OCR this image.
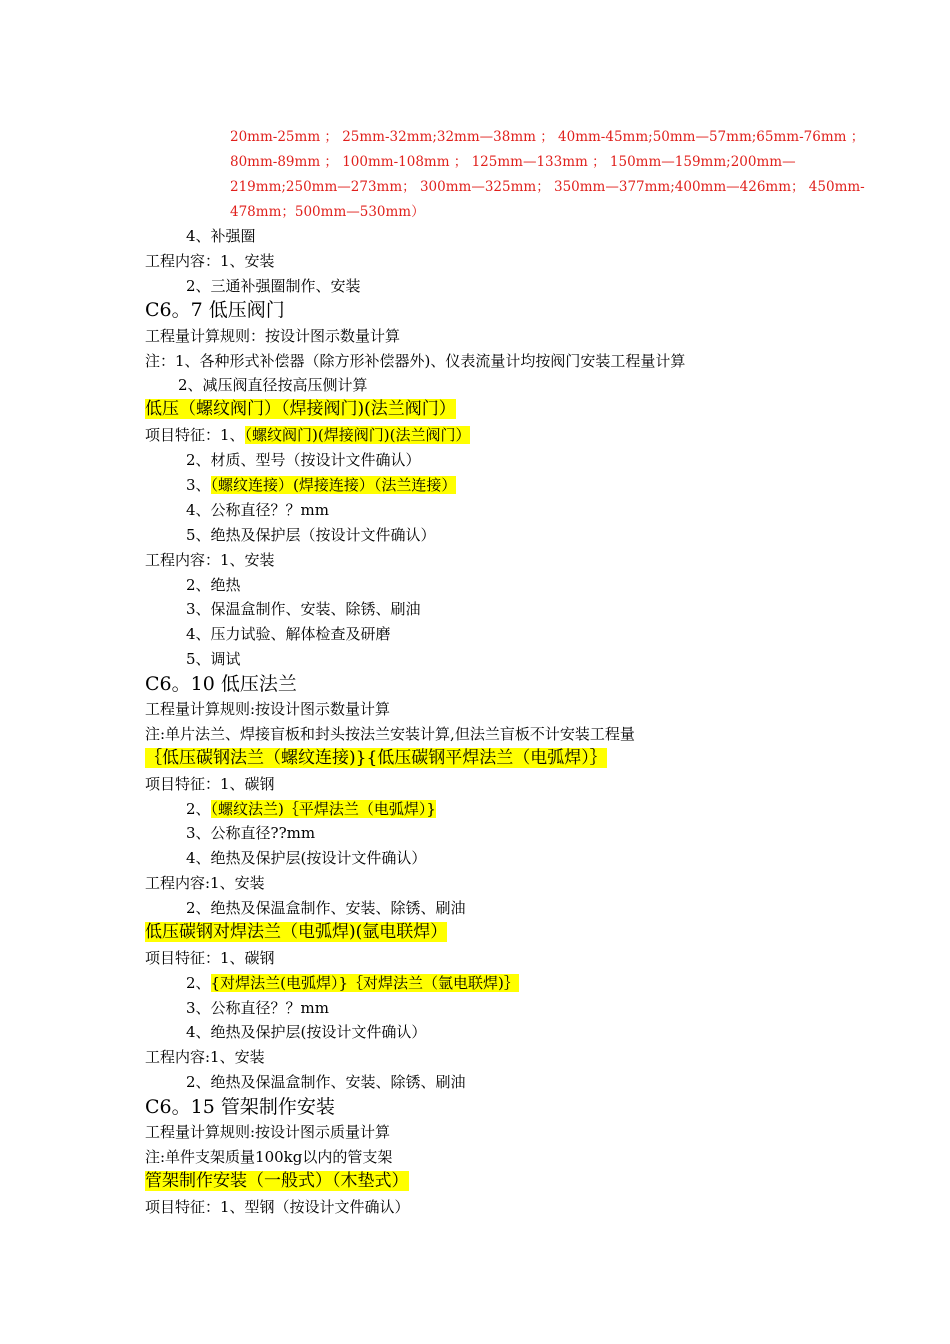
20mm-25mm ； 25mm-32mm;32mm—38mm ； 40mm-45mm;50mm—57mm;65mm-76mm ；
80mm-89mm ； 100mm-108mm ； 125mm—133mm ； 150mm—159mm;200mm—
219mm;250mm—273mm； 300mm—325mm； 350mm—377mm;400mm—426mm； 450mm-
478mm；500mm—530mm）
4、补强圈
工程内容：1、安装
2、三通补强圈制作、安装
C6。7 低压阀门
工程量计算规则：按设计图示数量计算
注：1、各种形式补偿器（除方形补偿器外)、仪表流量计均按阀门安装工程量计算
2、减压阀直径按高压侧计算
低压（螺纹阀门）（焊接阀门)(法兰阀门）
项目特征：1、（螺纹阀门)(焊接阀门)(法兰阀门）
2、材质、型号（按设计文件确认）
3、（螺纹连接）(焊接连接）（法兰连接）
4、公称直径？？mm
5、绝热及保护层（按设计文件确认）
工程内容：1、安装
2、绝热
3、保温盒制作、安装、除锈、刷油
4、压力试验、解体检查及研磨
5、调试
C6。10 低压法兰
工程量计算规则:按设计图示数量计算
注:单片法兰、焊接盲板和封头按法兰安装计算,但法兰盲板不计安装工程量
｛低压碳钢法兰（螺纹连接)}{低压碳钢平焊法兰（电弧焊）｝
项目特征：1、碳钢
2、（螺纹法兰)｛平焊法兰（电弧焊）}
3、公称直径??mm
4、绝热及保护层(按设计文件确认）
工程内容:1、安装
2、绝热及保温盒制作、安装、除锈、刷油
低压碳钢对焊法兰（电弧焊)(氩电联焊）
项目特征：1、碳钢
2、{对焊法兰(电弧焊）}｛对焊法兰（氩电联焊)｝
3、公称直径？？mm
4、绝热及保护层(按设计文件确认）
工程内容:1、安装
2、绝热及保温盒制作、安装、除锈、刷油
C6。15 管架制作安装
工程量计算规则:按设计图示质量计算
注:单件支架质量100kg以内的管支架
管架制作安装（一般式）（木垫式）
项目特征：1、型钢（按设计文件确认）
